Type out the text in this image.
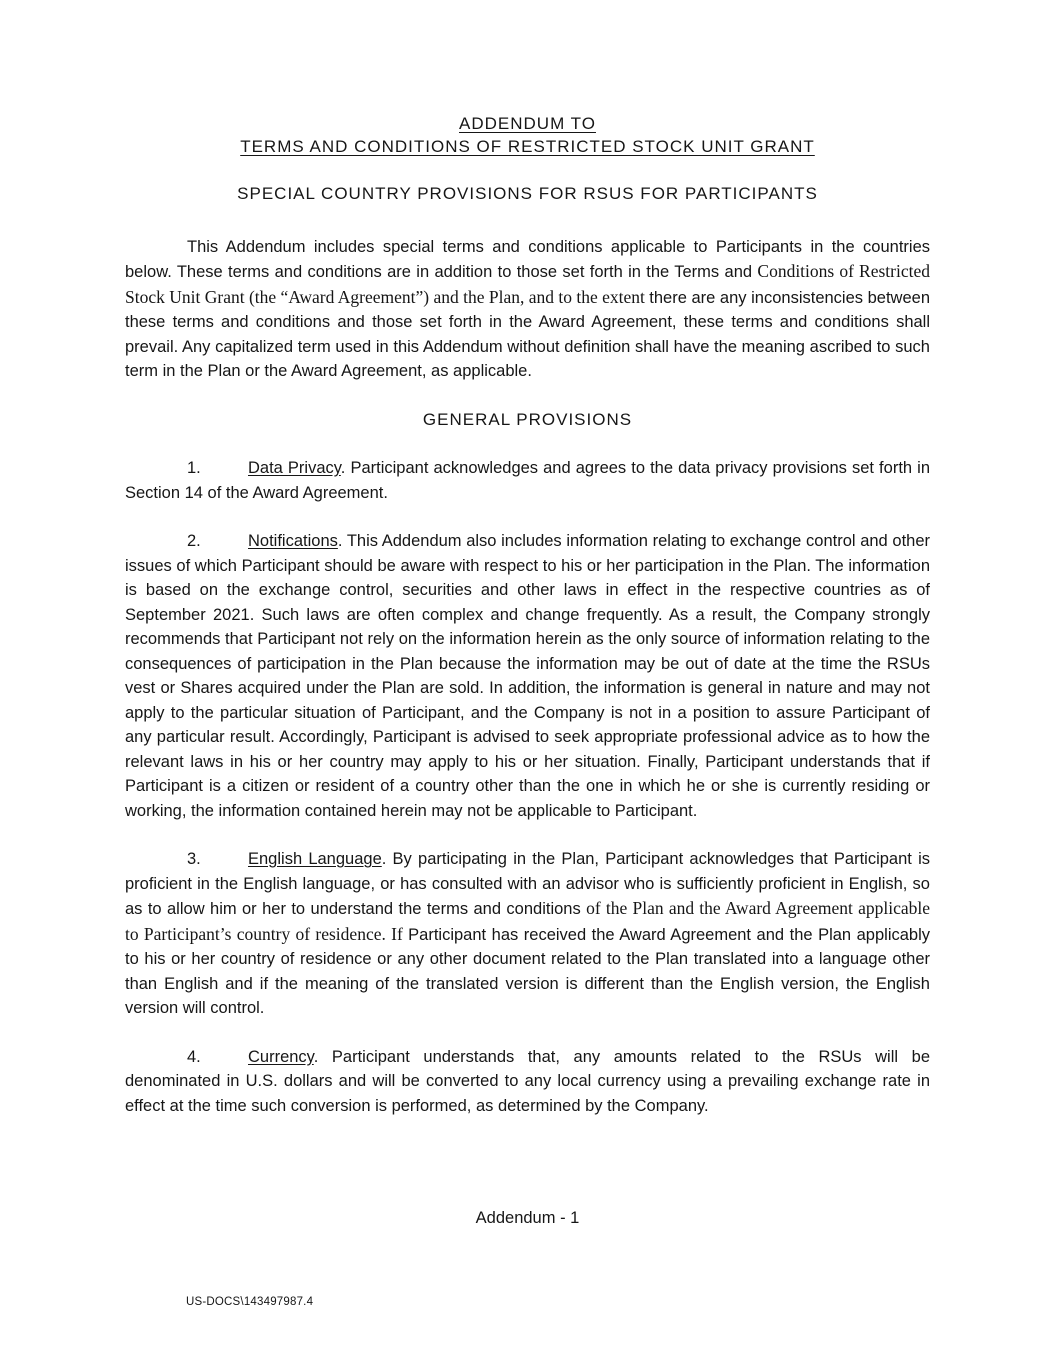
ADDENDUM TO
TERMS AND CONDITIONS OF RESTRICTED STOCK UNIT GRANT
SPECIAL COUNTRY PROVISIONS FOR RSUS FOR PARTICIPANTS

This Addendum includes special terms and conditions applicable to Participants in the countries below. These terms and conditions are in addition to those set forth in the Terms and Conditions of Restricted Stock Unit Grant (the “Award Agreement”) and the Plan, and to the extent there are any inconsistencies between these terms and conditions and those set forth in the Award Agreement, these terms and conditions shall prevail. Any capitalized term used in this Addendum without definition shall have the meaning ascribed to such term in the Plan or the Award Agreement, as applicable.

GENERAL PROVISIONS

1.	Data Privacy. Participant acknowledges and agrees to the data privacy provisions set forth in Section 14 of the Award Agreement.

2.	Notifications. This Addendum also includes information relating to exchange control and other issues of which Participant should be aware with respect to his or her participation in the Plan. The information is based on the exchange control, securities and other laws in effect in the respective countries as of September 2021. Such laws are often complex and change frequently. As a result, the Company strongly recommends that Participant not rely on the information herein as the only source of information relating to the consequences of participation in the Plan because the information may be out of date at the time the RSUs vest or Shares acquired under the Plan are sold. In addition, the information is general in nature and may not apply to the particular situation of Participant, and the Company is not in a position to assure Participant of any particular result. Accordingly, Participant is advised to seek appropriate professional advice as to how the relevant laws in his or her country may apply to his or her situation. Finally, Participant understands that if Participant is a citizen or resident of a country other than the one in which he or she is currently residing or working, the information contained herein may not be applicable to Participant.

3.	English Language. By participating in the Plan, Participant acknowledges that Participant is proficient in the English language, or has consulted with an advisor who is sufficiently proficient in English, so as to allow him or her to understand the terms and conditions of the Plan and the Award Agreement applicable to Participant’s country of residence. If Participant has received the Award Agreement and the Plan applicably to his or her country of residence or any other document related to the Plan translated into a language other than English and if the meaning of the translated version is different than the English version, the English version will control.

4.	Currency. Participant understands that, any amounts related to the RSUs will be denominated in U.S. dollars and will be converted to any local currency using a prevailing exchange rate in effect at the time such conversion is performed, as determined by the Company.

Addendum - 1
US-DOCS\143497987.4
